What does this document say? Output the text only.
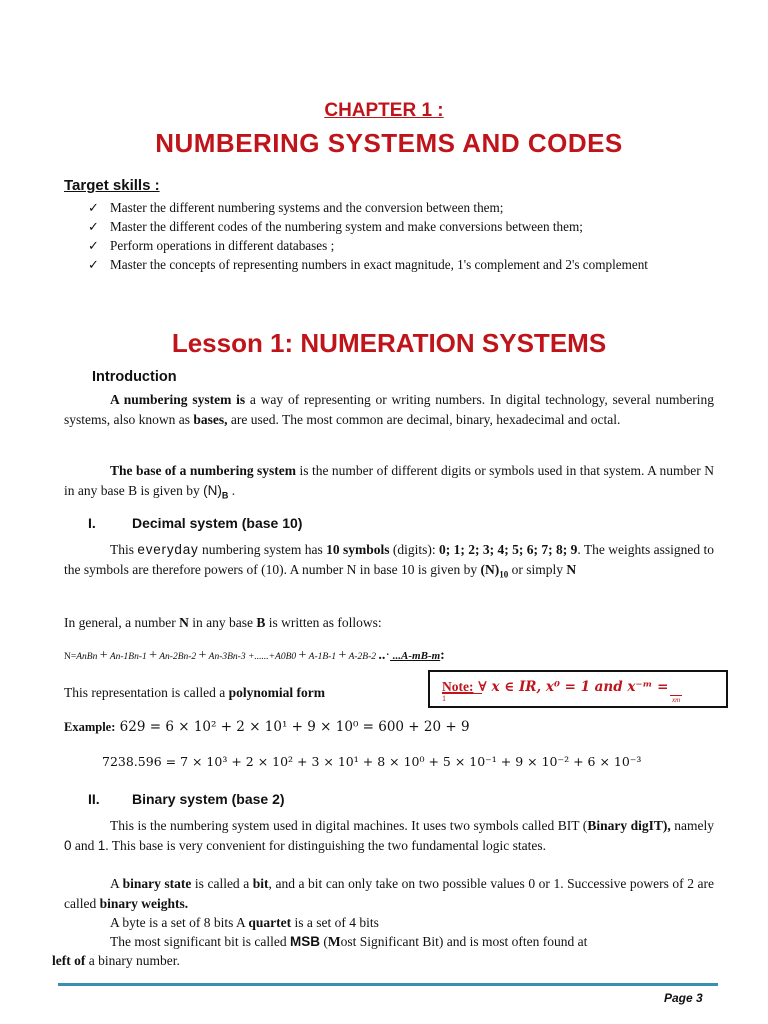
CHAPTER 1 :
NUMBERING SYSTEMS AND CODES
Target skills :
✓ Master the different numbering systems and the conversion between them;
✓ Master the different codes of the numbering system and make conversions between them;
✓ Perform operations in different databases ;
✓ Master the concepts of representing numbers in exact magnitude, 1's complement and 2's complement
Lesson 1: NUMERATION SYSTEMS
Introduction
A numbering system is a way of representing or writing numbers. In digital technology, several numbering systems, also known as bases, are used. The most common are decimal, binary, hexadecimal and octal.
The base of a numbering system is the number of different digits or symbols used in that system. A number N in any base B is given by $(N)_B$ .
I.	Decimal system (base 10)
This everyday numbering system has 10 symbols (digits): 0; 1; 2; 3; 4; 5; 6; 7; 8; 9. The weights assigned to the symbols are therefore powers of (10). A number N in base 10 is given by $(N)_{10}$ or simply N
In general, a number N in any base B is written as follows:
N=AnBn + An-1Bn-1 + An-2Bn-2 + An-3Bn-3 +......+A0B0 + A-1B-1 + A-2B-2 ..· ...A-mB-m:
This representation is called a polynomial form	Note: ∀ x ∈ IR, x⁰ = 1 and x⁻ᵐ =
1	xm
Example: 629 = 6 × 10² + 2 × 10¹ + 9 × 10⁰ = 600 + 20 + 9
7238.596 = 7 × 10³ + 2 × 10² + 3 × 10¹ + 8 × 10⁰ + 5 × 10⁻¹ + 9 × 10⁻² + 6 × 10⁻³
II. Binary system (base 2)
This is the numbering system used in digital machines. It uses two symbols called BIT (Binary digIT), namely 0 and 1. This base is very convenient for distinguishing the two fundamental logic states.
A binary state is called a bit, and a bit can only take on two possible values 0 or 1. Successive powers of 2 are called binary weights.
A byte is a set of 8 bits A quartet is a set of 4 bits
The most significant bit is called MSB (Most Significant Bit) and is most often found at
left of a binary number.
Page 3
